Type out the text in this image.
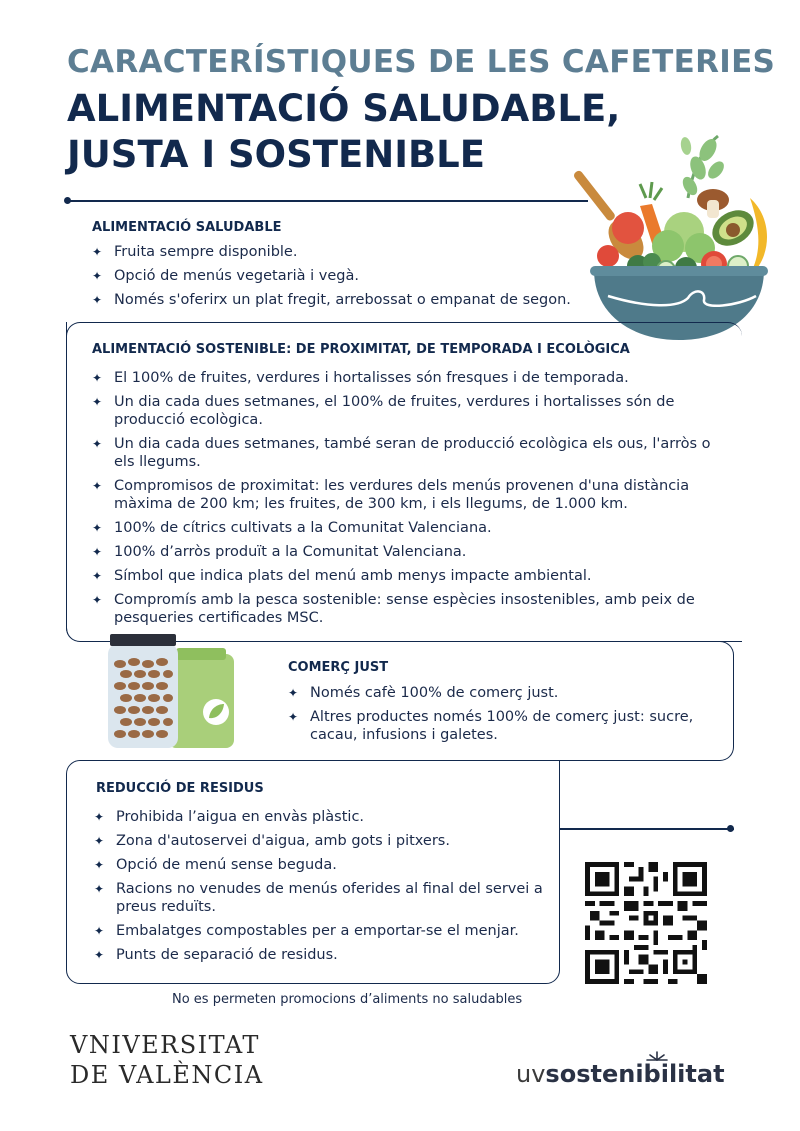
CARACTERÍSTIQUES DE LES CAFETERIES
ALIMENTACIÓ SALUDABLE,
JUSTA I SOSTENIBLE
ALIMENTACIÓ SALUDABLE
✦ Fruita sempre disponible.
✦ Opció de menús vegetarià i vegà.
✦ Només s'oferirx un plat fregit, arrebossat o empanat de segon.
ALIMENTACIÓ SOSTENIBLE: DE PROXIMITAT, DE TEMPORADA I ECOLÒGICA
✦ El 100% de fruites, verdures i hortalisses són fresques i de temporada.
✦ Un dia cada dues setmanes, el 100% de fruites, verdures i hortalisses són de producció ecològica.
✦ Un dia cada dues setmanes, també seran de producció ecològica els ous, l'arròs o els llegums.
✦ Compromisos de proximitat: les verdures dels menús provenen d'una distància màxima de 200 km; les fruites, de 300 km, i els llegums, de 1.000 km.
✦ 100% de cítrics cultivats a la Comunitat Valenciana.
✦ 100% d’arròs produït a la Comunitat Valenciana.
✦ Símbol que indica plats del menú amb menys impacte ambiental.
✦ Compromís amb la pesca sostenible: sense espècies insostenibles, amb peix de pesqueries certificades MSC.
COMERÇ JUST
✦ Només cafè 100% de comerç just.
✦ Altres productes només 100% de comerç just: sucre, cacau, infusions i galetes.
REDUCCIÓ DE RESIDUS
✦ Prohibida l’aigua en envàs plàstic.
✦ Zona d'autoservei d'aigua, amb gots i pitxers.
✦ Opció de menú sense beguda.
✦ Racions no venudes de menús oferides al final del servei a preus reduïts.
✦ Embalatges compostables per a emportar-se el menjar.
✦ Punts de separació de residus.
No es permeten promocions d’aliments no saludables
VNIVERSITAT
DE VALÈNCIA	uvsostenibilitat
